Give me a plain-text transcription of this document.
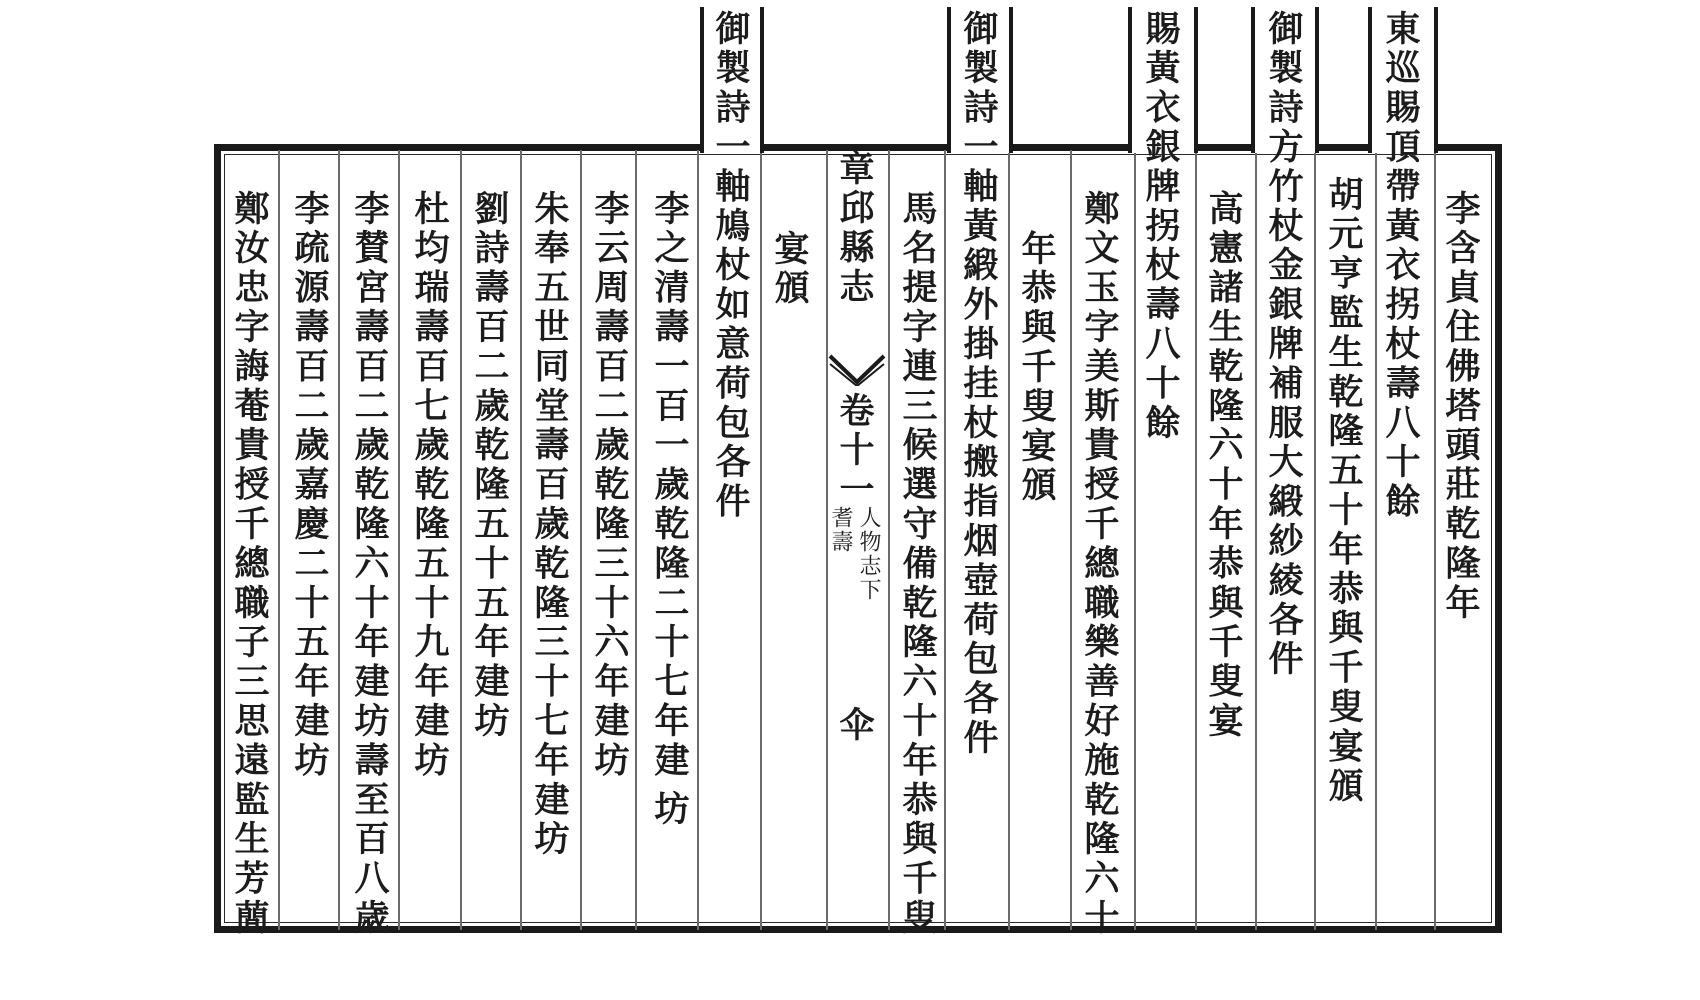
東巡賜頂帶黃衣拐杖壽八十餘
御製詩方竹杖金銀牌補服大緞紗綾各件
賜黃衣銀牌拐杖壽八十餘
御製詩一軸黃緞外掛挂杖搬指烟壺荷包各件
御製詩一軸鳩杖如意荷包各件	李含貞住佛塔頭莊乾隆年
胡元亨監生乾隆五十年恭與千叟宴頒
高憲諸生乾隆六十年恭與千叟宴
鄭文玉字美斯貴授千總職樂善好施乾隆六十
年恭與千叟宴頒
馬名提字連三候選守備乾隆六十年恭與千叟
章邱縣志
卷十一
人物志下
耆壽
伞
宴頒
李之清壽一百一歲乾隆二十七年建
坊
李云周壽百二歲乾隆三十六年建坊
朱奉五世同堂壽百歲乾隆三十七年建坊
劉詩壽百二歲乾隆五十五年建坊
杜均瑞壽百七歲乾隆五十九年建坊
李賛宮壽百二歲乾隆六十年建坊壽至百八歲
李疏源壽百二歲嘉慶二十五年建坊
鄭汝忠字誨菴貴授千總職子三思遠監生芳蕳
